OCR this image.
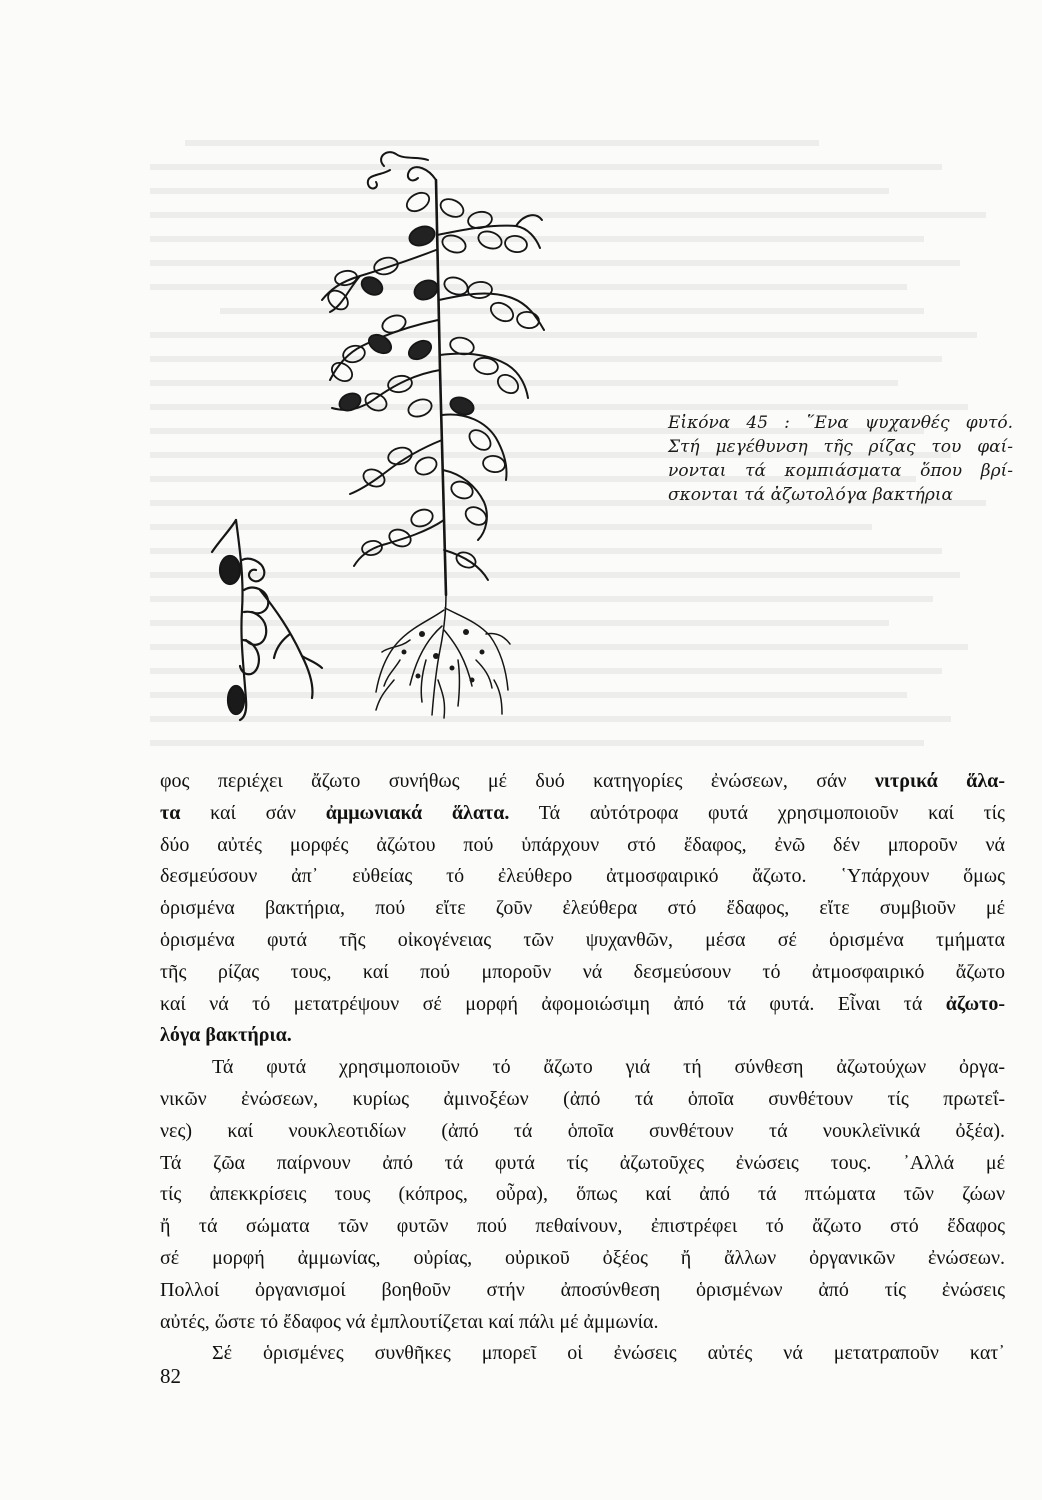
Εἰκόνα 45 : ῞Ενα ψυχανθές φυτό.
Στή μεγέθυνση τῆς ρίζας του φαί-
νονται τά κομπιάσματα ὅπου βρί-
σκονται τά ἀζωτολόγα βακτήρια
φος περιέχει ἄζωτο συνήθως μέ δυό κατηγορίες ἐνώσεων, σάν νιτρικά ἅλα-
τα καί σάν ἀμμωνιακά ἅλατα. Τά αὐτότροφα φυτά χρησιμοποιοῦν καί τίς
δύο αὐτές μορφές ἀζώτου πού ὑπάρχουν στό ἔδαφος, ἐνῶ δέν μποροῦν νά
δεσμεύσουν ἀπ᾽ εὐθείας τό ἐλεύθερο ἀτμοσφαιρικό ἄζωτο. ῾Υπάρχουν ὅμως
ὁρισμένα βακτήρια, πού εἴτε ζοῦν ἐλεύθερα στό ἔδαφος, εἴτε συμβιοῦν μέ
ὁρισμένα φυτά τῆς οἰκογένειας τῶν ψυχανθῶν, μέσα σέ ὁρισμένα τμήματα
τῆς ρίζας τους, καί πού μποροῦν νά δεσμεύσουν τό ἀτμοσφαιρικό ἄζωτο
καί νά τό μετατρέψουν σέ μορφή ἀφομοιώσιμη ἀπό τά φυτά. Εἶναι τά ἀζωτο-
λόγα βακτήρια.
Τά φυτά χρησιμοποιοῦν τό ἄζωτο γιά τή σύνθεση ἀζωτούχων ὀργα-
νικῶν ἐνώσεων, κυρίως ἀμινοξέων (ἀπό τά ὁποῖα συνθέτουν τίς πρωτεΐ-
νες) καί νουκλεοτιδίων (ἀπό τά ὁποῖα συνθέτουν τά νουκλεϊνικά ὀξέα).
Τά ζῶα παίρνουν ἀπό τά φυτά τίς ἀζωτοῦχες ἐνώσεις τους. ᾽Αλλά μέ
τίς ἀπεκκρίσεις τους (κόπρος, οὖρα), ὅπως καί ἀπό τά πτώματα τῶν ζώων
ἤ τά σώματα τῶν φυτῶν πού πεθαίνουν, ἐπιστρέφει τό ἄζωτο στό ἔδαφος
σέ μορφή ἀμμωνίας, οὐρίας, οὐρικοῦ ὀξέος ἤ ἄλλων ὀργανικῶν ἐνώσεων.
Πολλοί ὀργανισμοί βοηθοῦν στήν ἀποσύνθεση ὁρισμένων ἀπό τίς ἐνώσεις
αὐτές, ὥστε τό ἔδαφος νά ἐμπλουτίζεται καί πάλι μέ ἀμμωνία.
Σέ ὁρισμένες συνθῆκες μπορεῖ οἱ ἐνώσεις αὐτές νά μετατραποῦν κατ᾽
82
